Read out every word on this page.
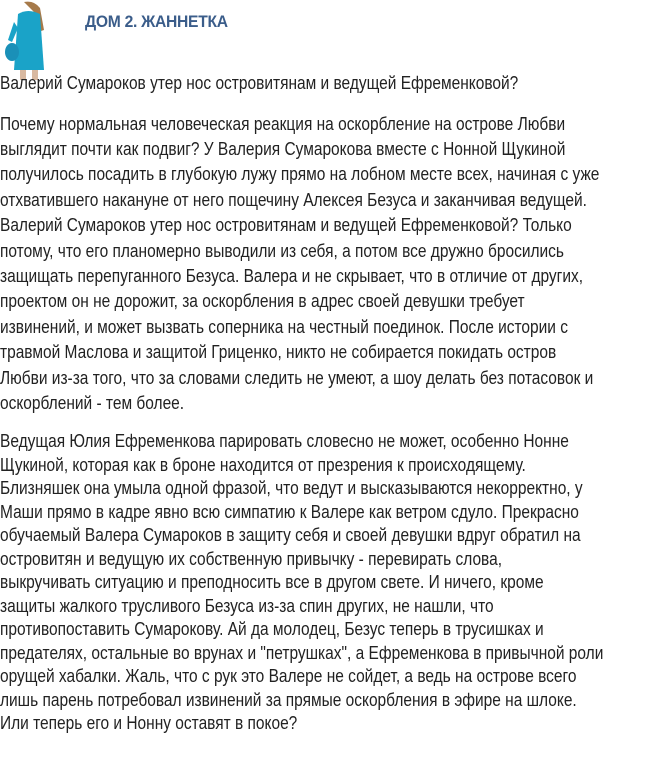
ДОМ 2. ЖАННЕТКА
Валерий Сумароков утер нос островитянам и ведущей Ефременковой?
Почему нормальная человеческая реакция на оскорбление на острове Любви
выглядит почти как подвиг? У Валерия Сумарокова вместе с Нонной Щукиной
получилось посадить в глубокую лужу прямо на лобном месте всех, начиная с уже
отхватившего накануне от него пощечину Алексея Безуса и заканчивая ведущей.
Валерий Сумароков утер нос островитянам и ведущей Ефременковой? Только
потому, что его планомерно выводили из себя, а потом все дружно бросились
защищать перепуганного Безуса. Валера и не скрывает, что в отличие от других,
проектом он не дорожит, за оскорбления в адрес своей девушки требует
извинений, и может вызвать соперника на честный поединок. После истории с
травмой Маслова и защитой Гриценко, никто не собирается покидать остров
Любви из-за того, что за словами следить не умеют, а шоу делать без потасовок и
оскорблений - тем более.
Ведущая Юлия Ефременкова парировать словесно не может, особенно Нонне
Щукиной, которая как в броне находится от презрения к происходящему.
Близняшек она умыла одной фразой, что ведут и высказываются некорректно, у
Маши прямо в кадре явно всю симпатию к Валере как ветром сдуло. Прекрасно
обучаемый Валера Сумароков в защиту себя и своей девушки вдруг обратил на
островитян и ведущую их собственную привычку - перевирать слова,
выкручивать ситуацию и преподносить все в другом свете. И ничего, кроме
защиты жалкого трусливого Безуса из-за спин других, не нашли, что
противопоставить Сумарокову. Ай да молодец, Безус теперь в трусишках и
предателях, остальные во врунах и "петрушках", а Ефременкова в привычной роли
орущей хабалки. Жаль, что с рук это Валере не сойдет, а ведь на острове всего
лишь парень потребовал извинений за прямые оскорбления в эфире на шлоке.
Или теперь его и Нонну оставят в покое?
